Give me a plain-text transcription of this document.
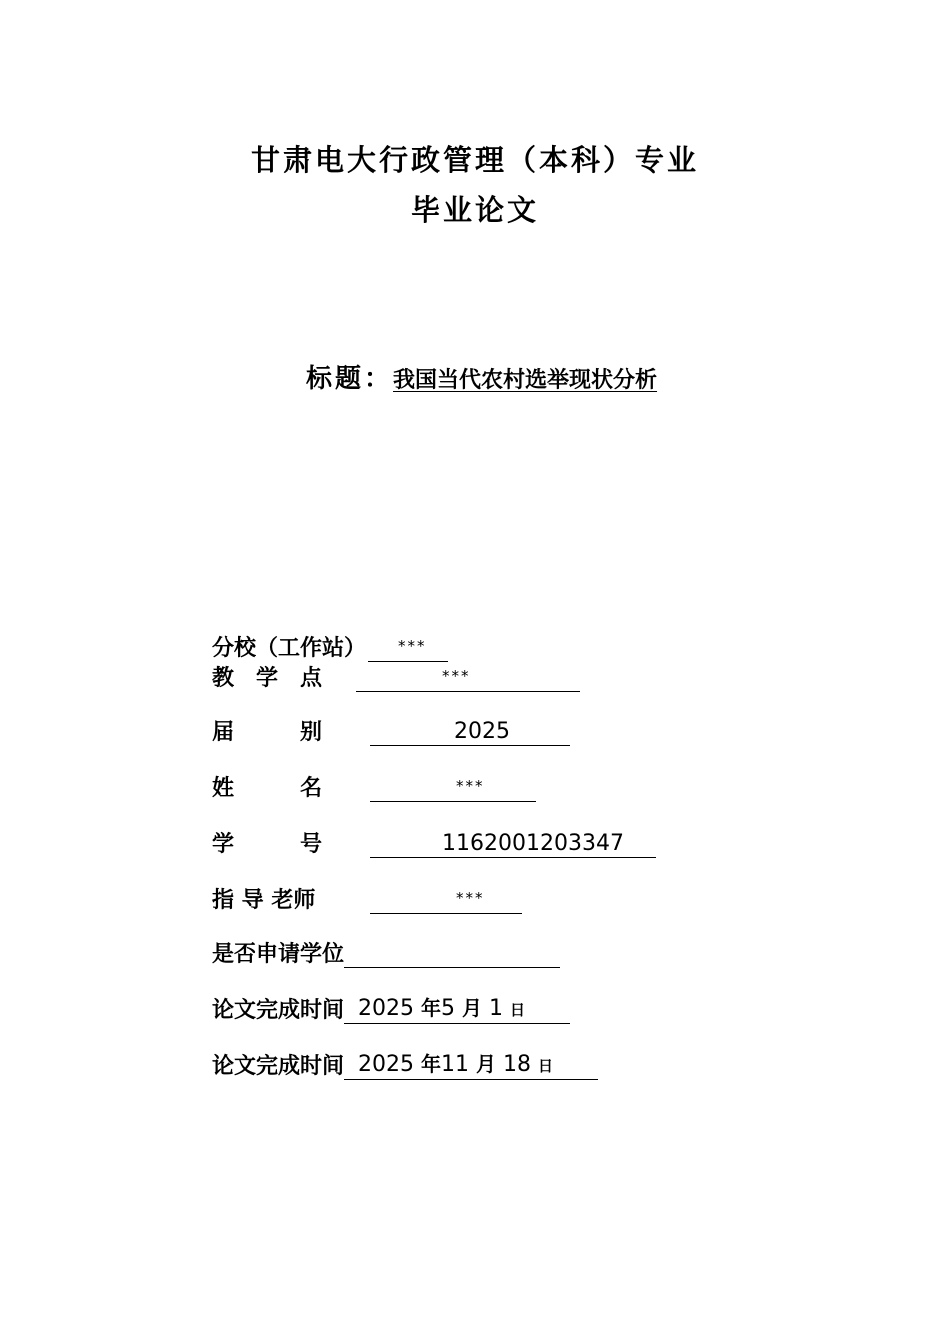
甘肃电大行政管理（本科）专业
毕业论文
标题： 我国当代农村选举现状分析
分校（工作站） ***
教　学　点	***
届　　　别	2025
姓　　　名	***
学　　　号	1162001203347
指 导 老师	***
是否申请学位
论文完成时间 2025 年5 月 1 日
论文完成时间 2025 年11 月 18 日
